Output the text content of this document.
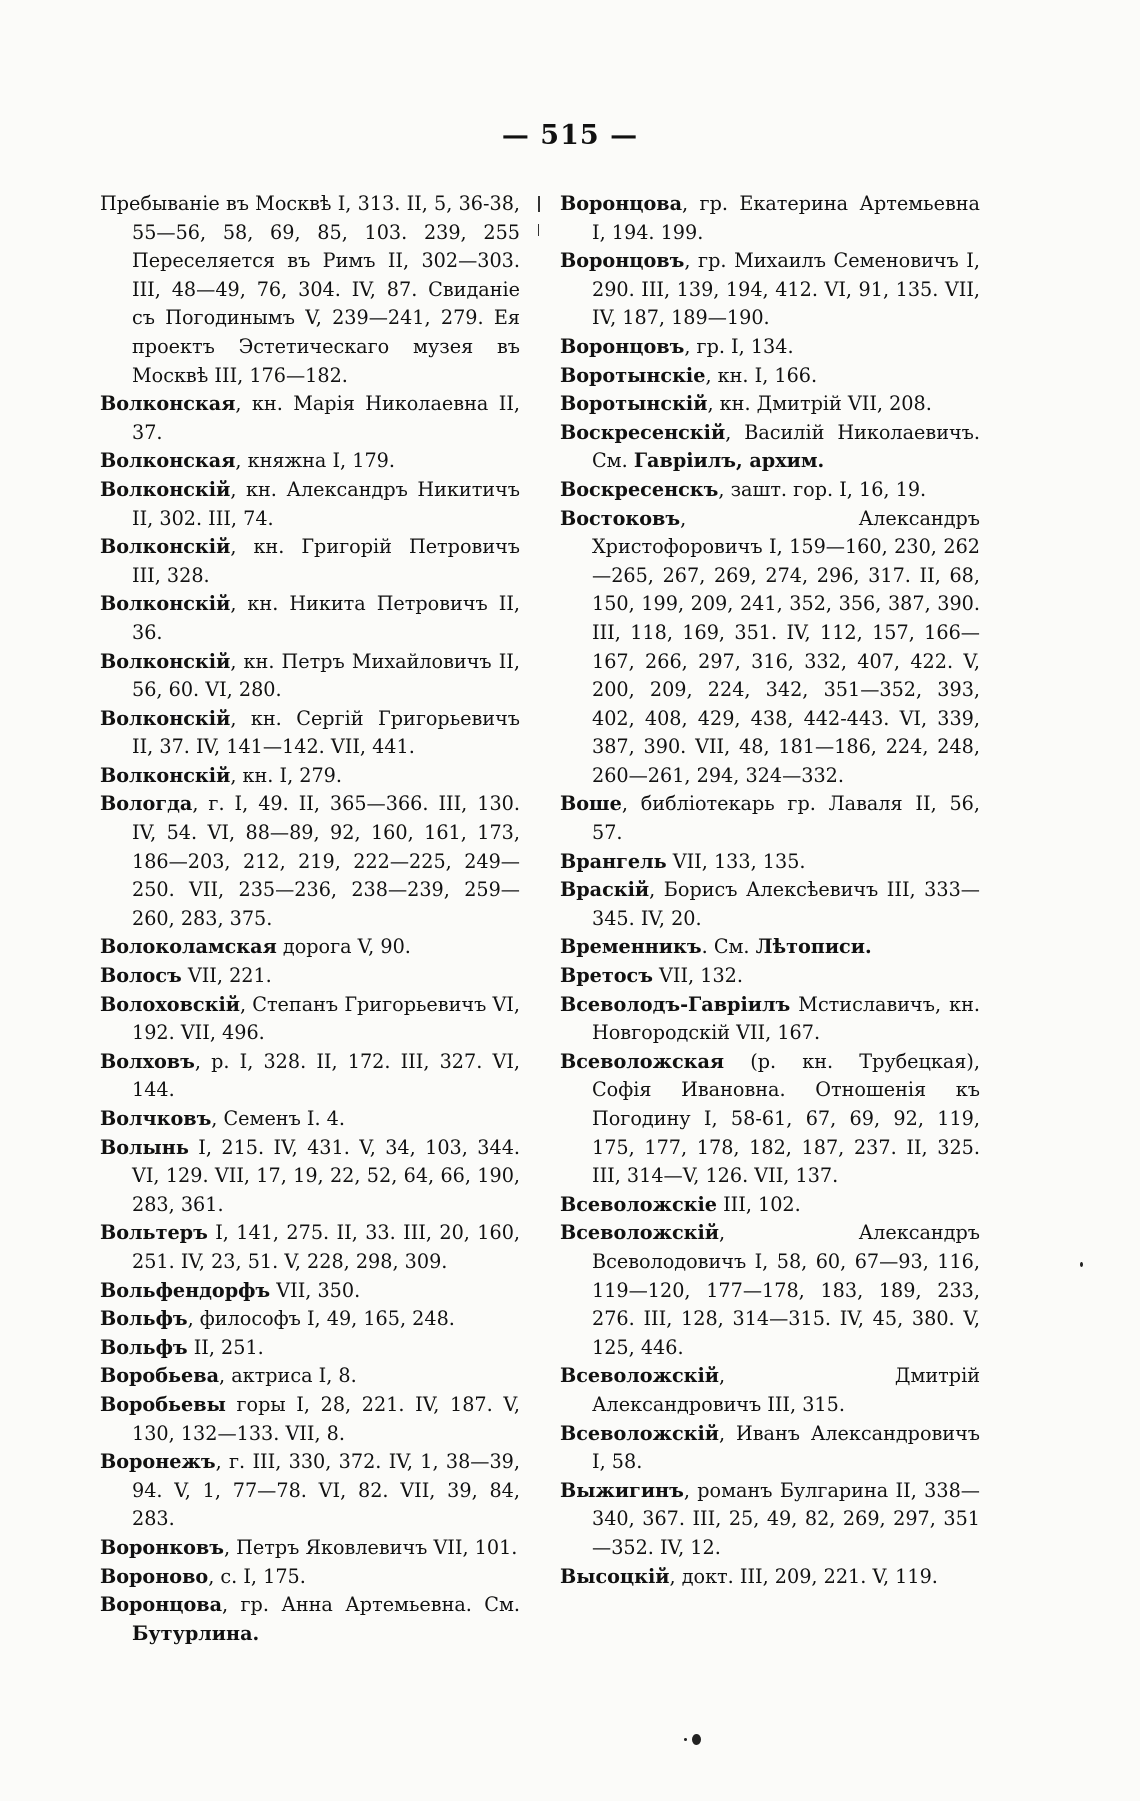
— 515 —

Пребываніе въ Москвѣ I, 313. II, 5, 36-38, 55—56, 58, 69, 85, 103. 239, 255 Переселяется въ Римъ II, 302—303. III, 48—49, 76, 304. IV, 87. Свиданіе съ Погодинымъ V, 239—241, 279. Ея проектъ Эстетическаго музея въ Москвѣ III, 176—182.

Волконская, кн. Марія Николаевна II, 37.

Волконская, княжна I, 179.

Волконскій, кн. Александръ Никитичъ II, 302. III, 74.

Волконскій, кн. Григорій Петровичъ III, 328.

Волконскій, кн. Никита Петровичъ II, 36.

Волконскій, кн. Петръ Михайловичъ II, 56, 60. VI, 280.

Волконскій, кн. Сергій Григорьевичъ II, 37. IV, 141—142. VII, 441.

Волконскій, кн. I, 279.

Вологда, г. I, 49. II, 365—366. III, 130. IV, 54. VI, 88—89, 92, 160, 161, 173, 186—203, 212, 219, 222—225, 249—250. VII, 235—236, 238—239, 259—260, 283, 375.

Волоколамская дорога V, 90.

Волосъ VII, 221.

Волоховскій, Степанъ Григорьевичъ VI, 192. VII, 496.

Волховъ, р. I, 328. II, 172. III, 327. VI, 144.

Волчковъ, Семенъ I. 4.

Волынь I, 215. IV, 431. V, 34, 103, 344. VI, 129. VII, 17, 19, 22, 52, 64, 66, 190, 283, 361.

Вольтеръ I, 141, 275. II, 33. III, 20, 160, 251. IV, 23, 51. V, 228, 298, 309.

Вольфендорфъ VII, 350.

Вольфъ, философъ I, 49, 165, 248.

Вольфъ II, 251.

Воробьева, актриса I, 8.

Воробьевы горы I, 28, 221. IV, 187. V, 130, 132—133. VII, 8.

Воронежъ, г. III, 330, 372. IV, 1, 38—39, 94. V, 1, 77—78. VI, 82. VII, 39, 84, 283.

Воронковъ, Петръ Яковлевичъ VII, 101.

Вороново, с. I, 175.

Воронцова, гр. Анна Артемьевна. См. Бутурлина.

Воронцова, гр. Екатерина Артемьевна I, 194. 199.

Воронцовъ, гр. Михаилъ Семеновичъ I, 290. III, 139, 194, 412. VI, 91, 135. VII, IV, 187, 189—190.

Воронцовъ, гр. I, 134.

Воротынскіе, кн. I, 166.

Воротынскій, кн. Дмитрій VII, 208.

Воскресенскій, Василій Николаевичъ. См. Гавріилъ, архим.

Воскресенскъ, зашт. гор. I, 16, 19.

Востоковъ, Александръ Христофоровичъ I, 159—160, 230, 262—265, 267, 269, 274, 296, 317. II, 68, 150, 199, 209, 241, 352, 356, 387, 390. III, 118, 169, 351. IV, 112, 157, 166—167, 266, 297, 316, 332, 407, 422. V, 200, 209, 224, 342, 351—352, 393, 402, 408, 429, 438, 442-443. VI, 339, 387, 390. VII, 48, 181—186, 224, 248, 260—261, 294, 324—332.

Воше, библіотекарь гр. Лаваля II, 56, 57.

Врангель VII, 133, 135.

Враскій, Борисъ Алексѣевичъ III, 333—345. IV, 20.

Временникъ. См. Лѣтописи.

Вретосъ VII, 132.

Всеволодъ-Гавріилъ Мстиславичъ, кн. Новгородскій VII, 167.

Всеволожская (р. кн. Трубецкая), Софія Ивановна. Отношенія къ Погодину I, 58-61, 67, 69, 92, 119, 175, 177, 178, 182, 187, 237. II, 325. III, 314—V, 126. VII, 137.

Всеволожскіе III, 102.

Всеволожскій, Александръ Всеволодовичъ I, 58, 60, 67—93, 116, 119—120, 177—178, 183, 189, 233, 276. III, 128, 314—315. IV, 45, 380. V, 125, 446.

Всеволожскій, Дмитрій Александровичъ III, 315.

Всеволожскій, Иванъ Александровичъ I, 58.

Выжигинъ, романъ Булгарина II, 338—340, 367. III, 25, 49, 82, 269, 297, 351—352. IV, 12.

Высоцкій, докт. III, 209, 221. V, 119.
